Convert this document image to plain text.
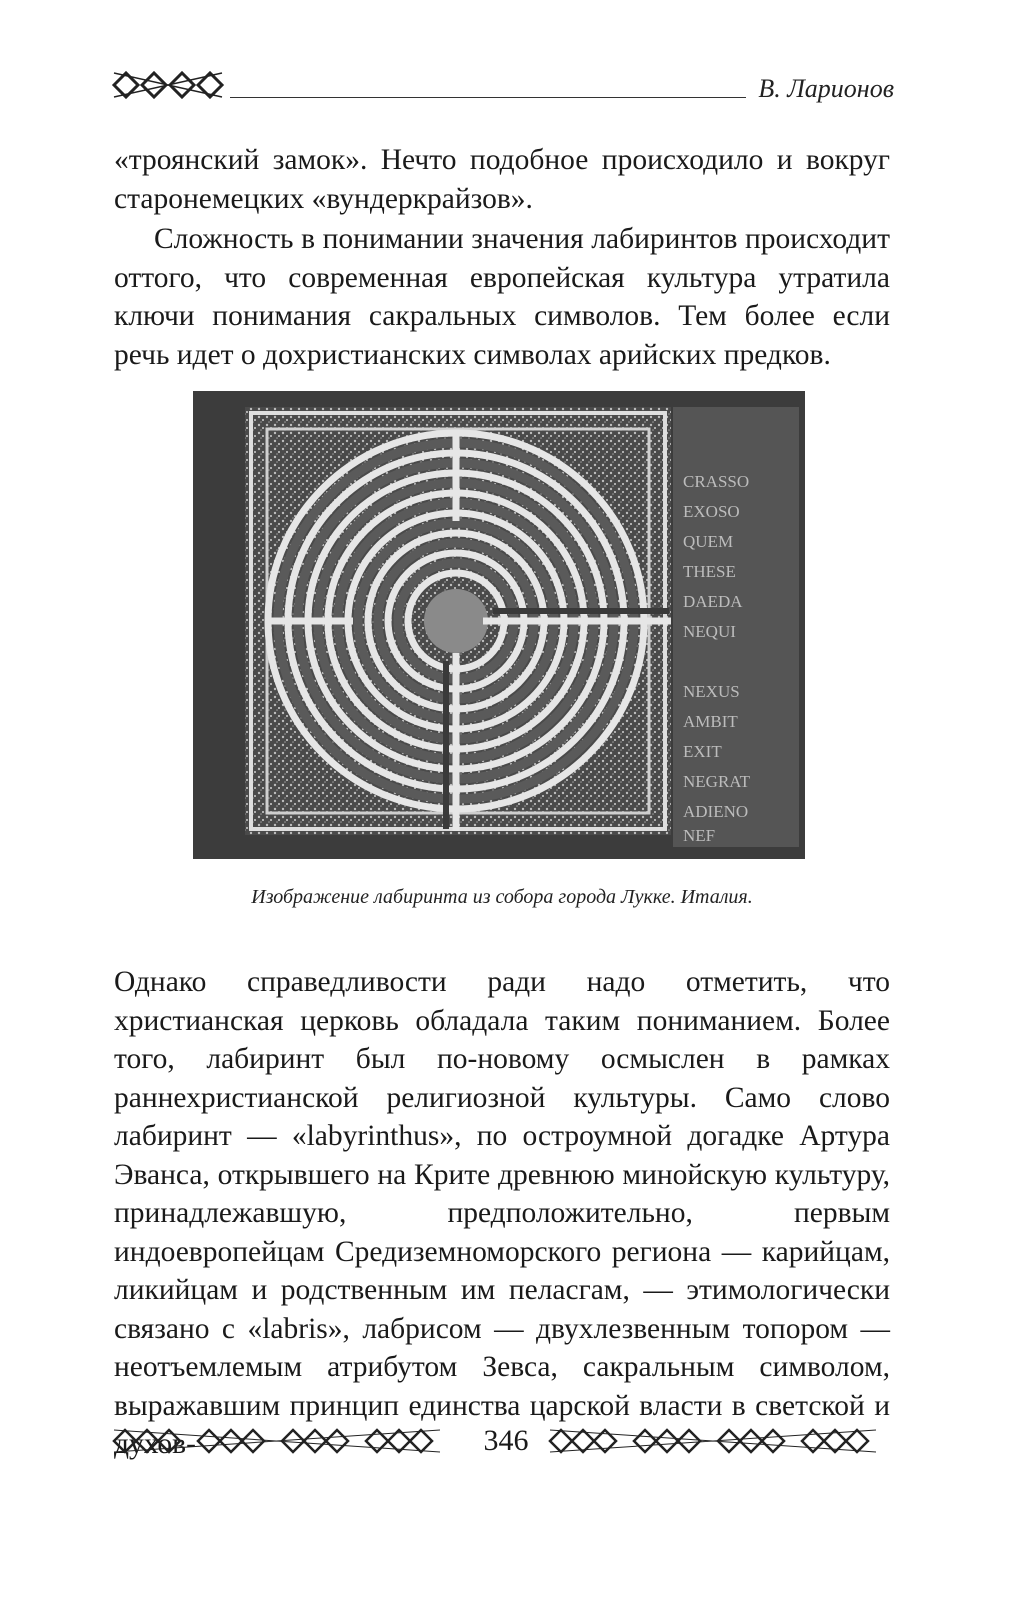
В. Ларионов

«троянский замок». Нечто подобное происходило и вокруг старонемецких «вундеркрайзов».

Сложность в понимании значения лабиринтов происходит оттого, что современная европейская культура утратила ключи понимания сакральных символов. Тем более если речь идет о дохристианских символах арийских предков.

CRASSO
EXOSO
QUEM
THESE
DAEDA
NEQUI
NEXUS
AMBIT
EXIT
NEGRAT
ADIENO
NEF
Изображение лабиринта из собора города Лукке. Италия.

Однако справедливости ради надо отметить, что христианская церковь обладала таким пониманием. Более того, лабиринт был по-новому осмыслен в рамках раннехристианской религиозной культуры. Само слово лабиринт — «labyrinthus», по остроумной догадке Артура Эванса, открывшего на Крите древнюю минойскую культуру, принадлежавшую, предположительно, первым индоевропейцам Средиземноморского региона — карийцам, ликийцам и родственным им пеласгам, — этимологически связано с «labris», лабрисом — двухлезвенным топором — неотъемлемым атрибутом Зевса, сакральным символом, выражавшим принцип единства царской власти в светской и духов-	346
